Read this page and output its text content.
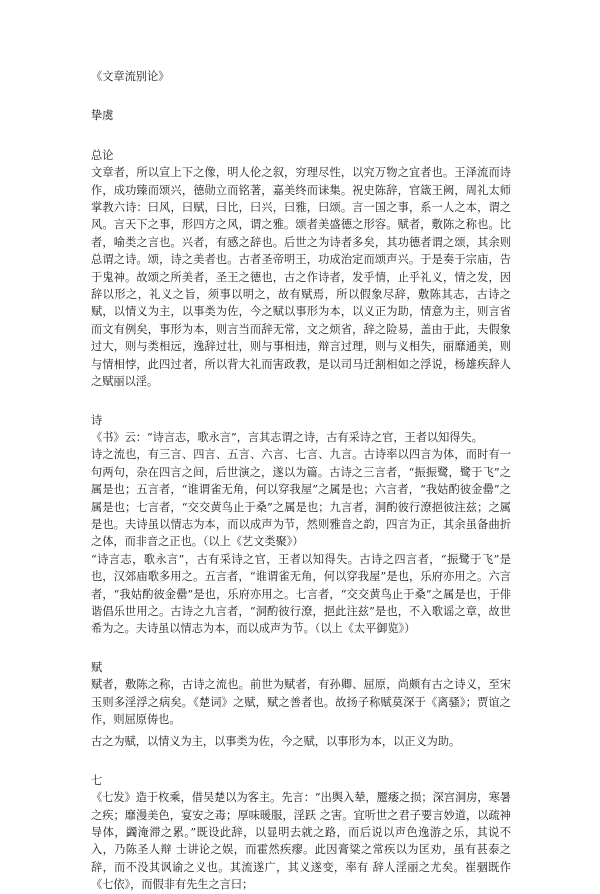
《文章流别论》

挚虞

总论

文章者，所以宣上下之像，明人伦之叙，穷理尽性，以究万物之宜者也。王泽流而诗作，成功臻而颂兴，德勋立而铭著，嘉美终而诔集。祝史陈辞，官箴王阙，周礼太师掌教六诗：曰风，曰赋，曰比，曰兴，曰雅，曰颂。言一国之事，系一人之本，谓之风。言天下之事，形四方之风，谓之雅。颂者美盛德之形容。赋者，敷陈之称也。比者，喻类之言也。兴者，有感之辞也。后世之为诗者多矣，其功德者谓之颂，其余则总谓之诗。颂，诗之美者也。古者圣帝明王，功成治定而颂声兴。于是奏于宗庙，告于鬼神。故颂之所美者，圣王之德也，古之作诗者，发乎情，止乎礼义，情之发，因辞以形之，礼义之旨，须事以明之，故有赋焉，所以假象尽辞，敷陈其志，古诗之赋，以情义为主，以事类为佐，今之赋以事形为本，以义正为助，情意为主，则言省而文有例矣，事形为本，则言当而辞无常，文之烦省，辞之险易，盖由于此，夫假象过大，则与类相远，逸辞过壮，则与事相违，辩言过理，则与义相失，丽靡通美，则与情相悖，此四过者，所以背大礼而害政教，是以司马迁割相如之浮说，杨雄疾辞人之赋丽以淫。

诗

《书》云：“诗言志，歌永言”，言其志谓之诗，古有采诗之官，王者以知得失。

诗之流也，有三言、四言、五言、六言、七言、九言。古诗率以四言为体，而时有一句两句，杂在四言之间，后世演之，遂以为篇。古诗之三言者，“振振鹭，鹭于飞”之属是也；五言者，“谁谓雀无角，何以穿我屋”之属是也；六言者，“我姑酌彼金罍”之属是也；七言者，“交交黄鸟止于桑”之属是也；九言者，洞酌彼行潦挹彼注兹；之属是也。夫诗虽以情志为本，而以成声为节，然则雅音之韵，四言为正，其余虽备曲折之体，而非音之正也。（以上《艺文类聚》）

“诗言志，歌永言”，古有采诗之官，王者以知得失。古诗之四言者，“振鹭于飞”是也，汉郊庙歌多用之。五言者，“谁谓雀无角，何以穿我屋”是也，乐府亦用之。六言者，“我姑酌彼金罍”是也，乐府亦用之。七言者，“交交黄鸟止于桑”之属是也，于俳谐倡乐世用之。古诗之九言者，“洞酌彼行潦，挹此注兹”是也，不入歌谣之章，故世希为之。夫诗虽以情志为本，而以成声为节。（以上《太平御览》）

赋

赋者，敷陈之称，古诗之流也。前世为赋者，有孙卿、屈原，尚颇有古之诗义，至宋玉则多淫浮之病矣。《楚词》之赋，赋之善者也。故扬子称赋莫深于《离骚》；贾谊之作，则屈原俦也。

古之为赋，以情义为主，以事类为佐，今之赋，以事形为本，以正义为助。

七

《七发》造于枚乘，借吴楚以为客主。先言：“出舆入辇，蹷痿之损；深宫洞房，寒暑之疾；靡漫美色，宴安之毒；厚味暖服，淫跃 之害。宜听世之君子要言妙道，以疏神导体，蠲淹滞之累。”既设此辞，以显明去就之路，而后说以声色逸游之乐，其说不入，乃陈圣人辩 士讲论之娱，而霍然疾瘳。此因膏粱之常疾以为匡劝，虽有甚泰之辞，而不没其讽谕之义也。其流遂广，其义遂变，率有 辞人淫丽之尤矣。崔骃既作《七依》，而假非有先生之言曰；
